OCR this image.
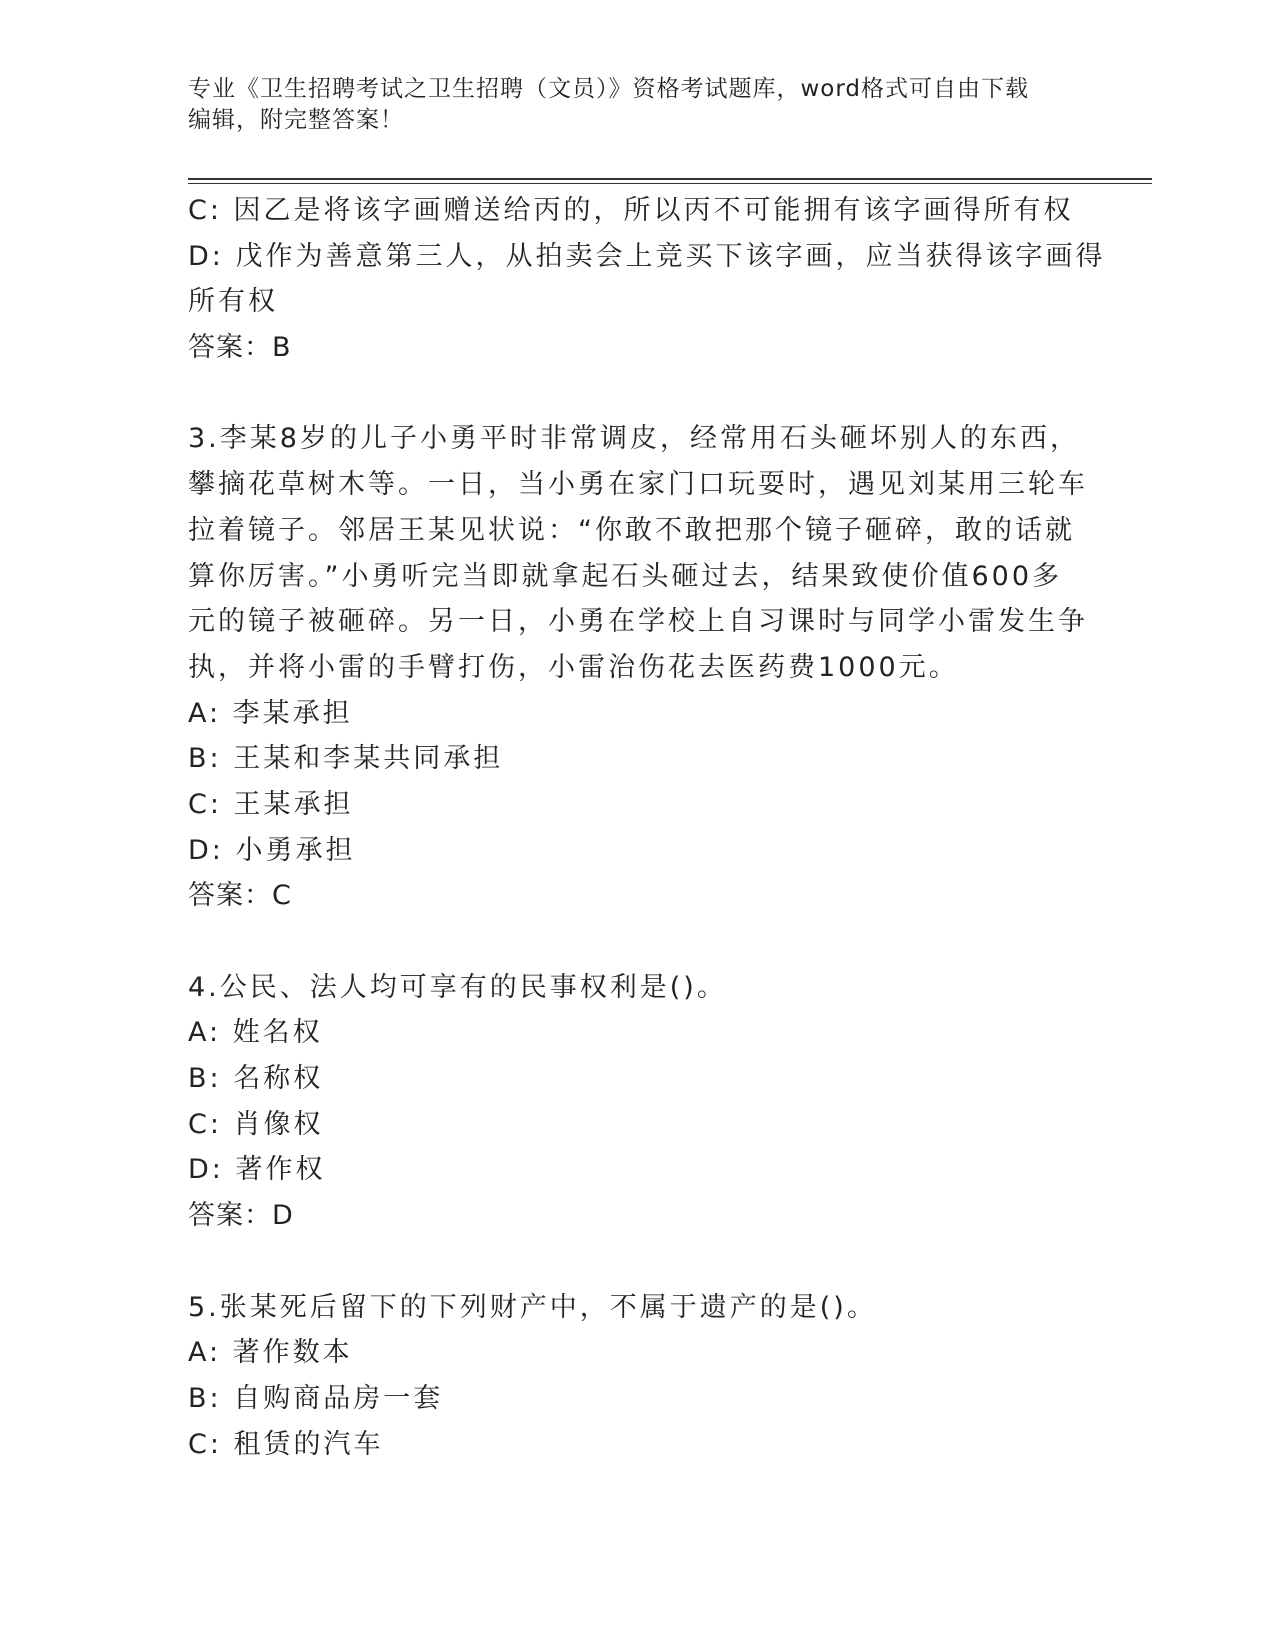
专业《卫生招聘考试之卫生招聘（文员）》资格考试题库，word格式可自由下载
编辑，附完整答案！
C: 因乙是将该字画赠送给丙的，所以丙不可能拥有该字画得所有权
D: 戊作为善意第三人，从拍卖会上竞买下该字画，应当获得该字画得
所有权
答案：B
3.李某8岁的儿子小勇平时非常调皮，经常用石头砸坏别人的东西，
攀摘花草树木等。一日，当小勇在家门口玩耍时，遇见刘某用三轮车
拉着镜子。邻居王某见状说：“你敢不敢把那个镜子砸碎，敢的话就
算你厉害。”小勇听完当即就拿起石头砸过去，结果致使价值600多
元的镜子被砸碎。另一日，小勇在学校上自习课时与同学小雷发生争
执，并将小雷的手臂打伤，小雷治伤花去医药费1000元。
A: 李某承担
B: 王某和李某共同承担
C: 王某承担
D: 小勇承担
答案：C
4.公民、法人均可享有的民事权利是()。
A: 姓名权
B: 名称权
C: 肖像权
D: 著作权
答案：D
5.张某死后留下的下列财产中，不属于遗产的是()。
A: 著作数本
B: 自购商品房一套
C: 租赁的汽车
